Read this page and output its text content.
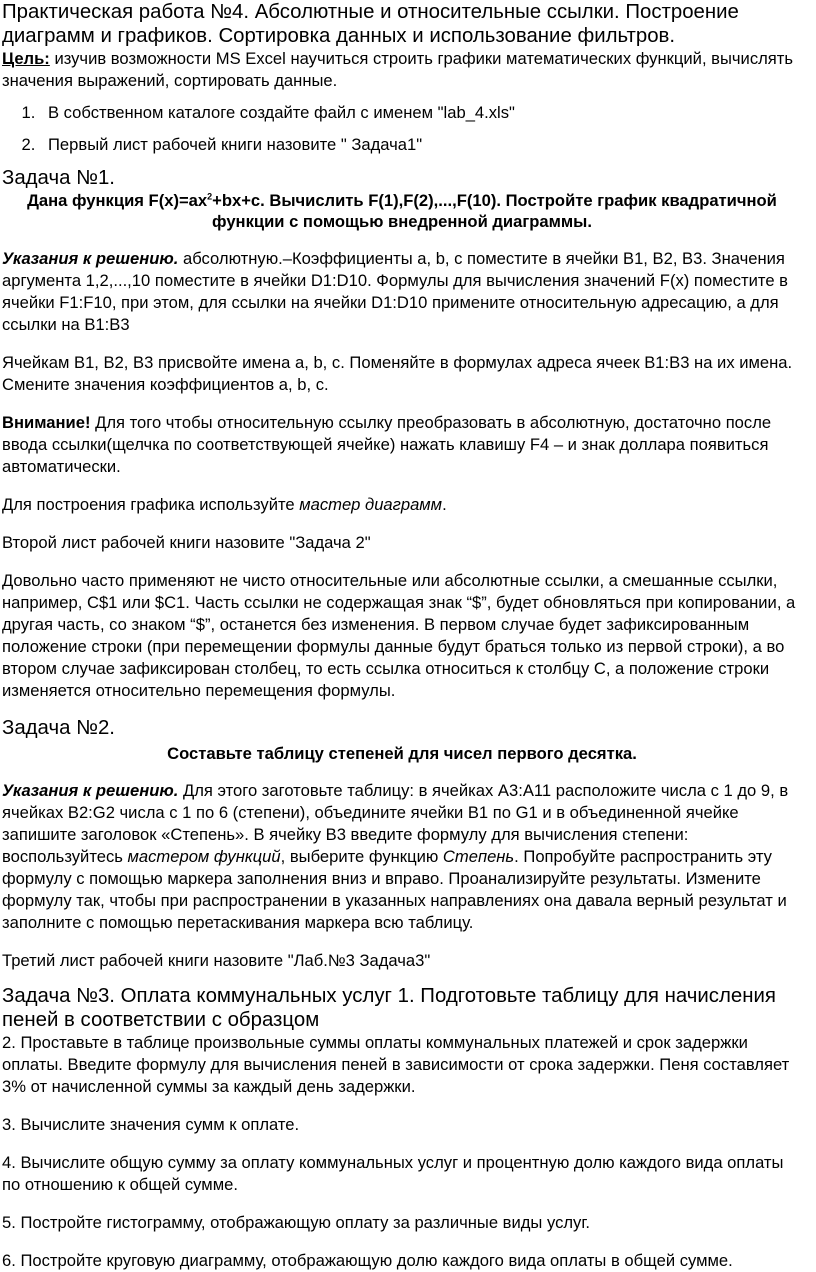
Практическая работа №4. Абсолютные и относительные ссылки. Построение диаграмм и графиков. Сортировка данных и использование фильтров.

Цель: изучив возможности MS Excel научиться строить графики математических функций, вычислять значения выражений, сортировать данные.

1. В собственном каталоге создайте файл с именем "lab_4.xls"
2. Первый лист рабочей книги назовите " Задача1"
Задача №1.

Дана функция $F(x)=ax^2+bx+c$. Вычислить F(1),F(2),...,F(10). Постройте график квадратичной функции с помощью внедренной диаграммы.

Указания к решению. абсолютную.–Коэффициенты a, b, с поместите в ячейки В1, В2, В3. Значения аргумента 1,2,...,10 поместите в ячейки D1:D10. Формулы для вычисления значений F(x) поместите в ячейки F1:F10, при этом, для ссылки на ячейки D1:D10 примените относительную адресацию, а для ссылки на В1:В3

Ячейкам В1, В2, В3 присвойте имена a, b, c. Поменяйте в формулах адреса ячеек В1:В3 на их имена. Смените значения коэффициентов a, b, c.

Внимание! Для того чтобы относительную ссылку преобразовать в абсолютную, достаточно после ввода ссылки(щелчка по соответствующей ячейке) нажать клавишу F4 – и знак доллара появиться автоматически.

Для построения графика используйте мастер диаграмм.

Второй лист рабочей книги назовите "Задача 2"

Довольно часто применяют не чисто относительные или абсолютные ссылки, а смешанные ссылки, например, C$1 или $C1. Часть ссылки не содержащая знак “$”, будет обновляться при копировании, а другая часть, со знаком “$”, останется без изменения. В первом случае будет зафиксированным положение строки (при перемещении формулы данные будут браться только из первой строки), а во втором случае зафиксирован столбец, то есть ссылка относиться к столбцу С, а положение строки изменяется относительно перемещения формулы.

Задача №2.

Составьте таблицу степеней для чисел первого десятка.

Указания к решению. Для этого заготовьте таблицу: в ячейках А3:А11 расположите числа с 1 до 9, в ячейках В2:G2 числа с 1 по 6 (степени), объедините ячейки В1 по G1 и в объединенной ячейке запишите заголовок «Степень». В ячейку В3 введите формулу для вычисления степени: воспользуйтесь мастером функций, выберите функцию Степень. Попробуйте распространить эту формулу с помощью маркера заполнения вниз и вправо. Проанализируйте результаты. Измените формулу так, чтобы при распространении в указанных направлениях она давала верный результат и заполните с помощью перетаскивания маркера всю таблицу.

Третий лист рабочей книги назовите "Лаб.№3 Задача3"

Задача №3. Оплата коммунальных услуг 1. Подготовьте таблицу для начисления пеней в соответствии с образцом

2. Проставьте в таблице произвольные суммы оплаты коммунальных платежей и срок задержки оплаты. Введите формулу для вычисления пеней в зависимости от срока задержки. Пеня составляет 3% от начисленной суммы за каждый день задержки.

3. Вычислите значения сумм к оплате.

4. Вычислите общую сумму за оплату коммунальных услуг и процентную долю каждого вида оплаты по отношению к общей сумме.

5. Постройте гистограмму, отображающую оплату за различные виды услуг.

6. Постройте круговую диаграмму, отображающую долю каждого вида оплаты в общей сумме.
